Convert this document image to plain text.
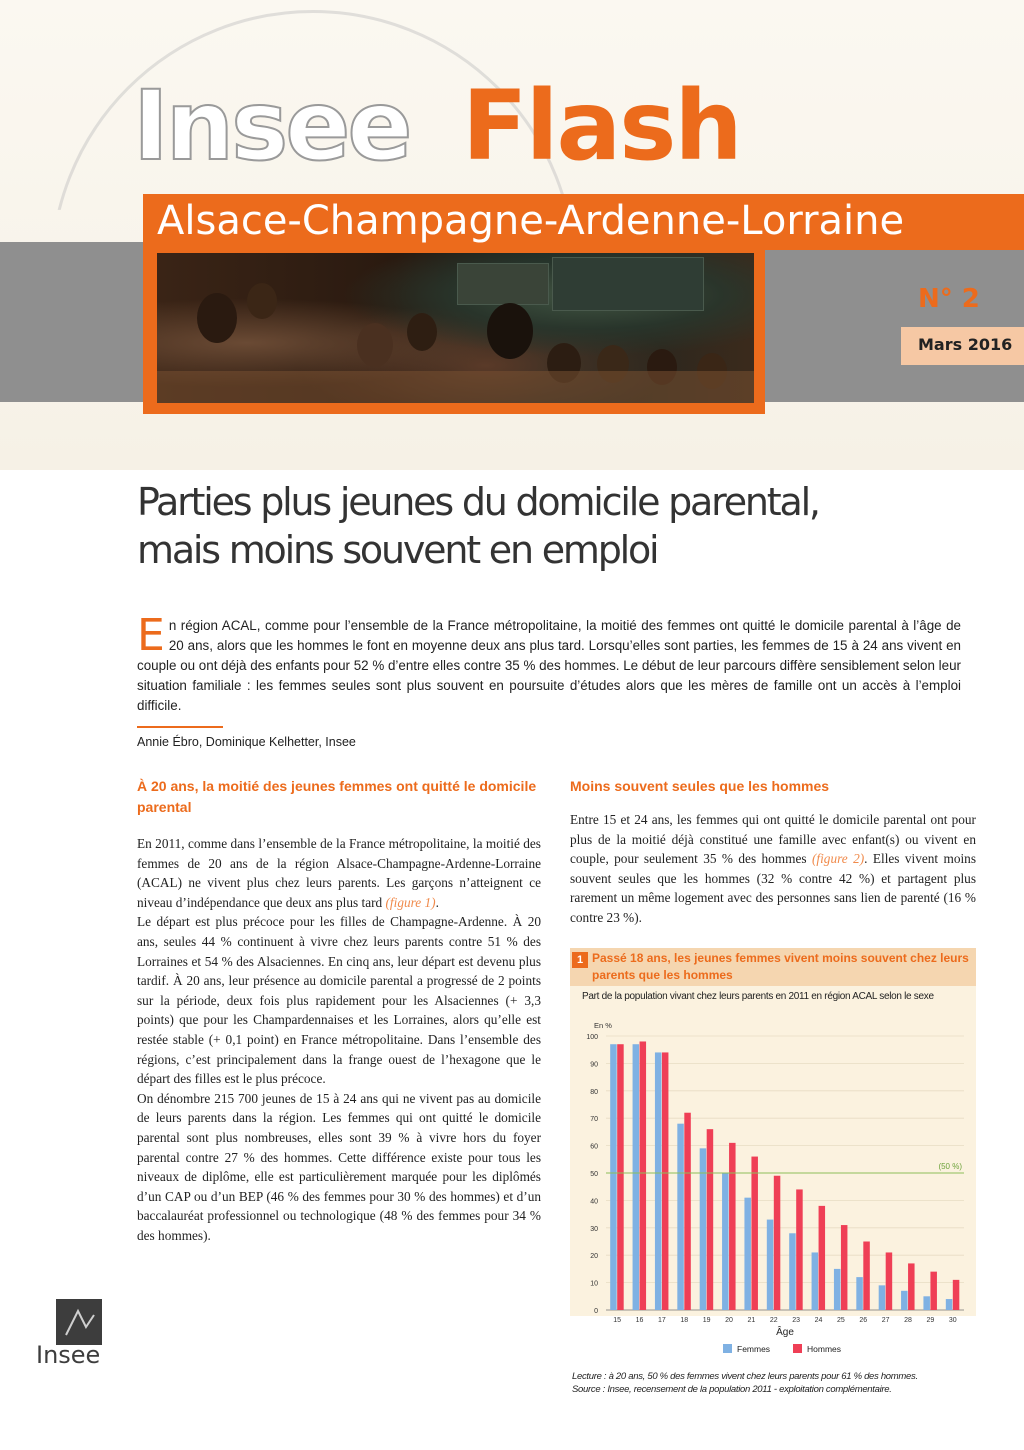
Insee Flash
Alsace-Champagne-Ardenne-Lorraine
N° 2
Mars 2016
Parties plus jeunes du domicile parental,
mais moins souvent en emploi
En région ACAL, comme pour l’ensemble de la France métropolitaine, la moitié des femmes ont quitté le domicile parental à l’âge de 20 ans, alors que les hommes le font en moyenne deux ans plus tard. Lorsqu’elles sont parties, les femmes de 15 à 24 ans vivent en couple ou ont déjà des enfants pour 52 % d’entre elles contre 35 % des hommes. Le début de leur parcours diffère sensiblement selon leur situation familiale : les femmes seules sont plus souvent en poursuite d’études alors que les mères de famille ont un accès à l’emploi difficile.
Annie Ébro, Dominique Kelhetter, Insee
À 20 ans, la moitié des jeunes femmes ont quitté le domicile parental

En 2011, comme dans l’ensemble de la France métropolitaine, la moitié des femmes de 20 ans de la région Alsace-Champagne-Ardenne-Lorraine (ACAL) ne vivent plus chez leurs parents. Les garçons n’atteignent ce niveau d’indépendance que deux ans plus tard (figure 1).

Le départ est plus précoce pour les filles de Champagne-Ardenne. À 20 ans, seules 44 % continuent à vivre chez leurs parents contre 51 % des Lorraines et 54 % des Alsaciennes. En cinq ans, leur départ est devenu plus tardif. À 20 ans, leur présence au domicile parental a progressé de 2 points sur la période, deux fois plus rapidement pour les Alsaciennes (+ 3,3 points) que pour les Champardennaises et les Lorraines, alors qu’elle est restée stable (+ 0,1 point) en France métropolitaine. Dans l’ensemble des régions, c’est principalement dans la frange ouest de l’hexagone que le départ des filles est le plus précoce.

On dénombre 215 700 jeunes de 15 à 24 ans qui ne vivent pas au domicile de leurs parents dans la région. Les femmes qui ont quitté le domicile parental sont plus nombreuses, elles sont 39 % à vivre hors du foyer parental contre 27 % des hommes. Cette différence existe pour tous les niveaux de diplôme, elle est particulièrement marquée pour les diplômés d’un CAP ou d’un BEP (46 % des femmes pour 30 % des hommes) et d’un baccalauréat professionnel ou technologique (48 % des femmes pour 34 % des hommes).

Moins souvent seules que les hommes

Entre 15 et 24 ans, les femmes qui ont quitté le domicile parental ont pour plus de la moitié déjà constitué une famille avec enfant(s) ou vivent en couple, pour seulement 35 % des hommes (figure 2). Elles vivent moins souvent seules que les hommes (32 % contre 42 %) et partagent plus rarement un même logement avec des personnes sans lien de parenté (16 % contre 23 %).

1 Passé 18 ans, les jeunes femmes vivent moins souvent chez leurs parents que les hommes
Part de la population vivant chez leurs parents en 2011 en région ACAL selon le sexe
0
10
20
30
40
50
60
70
80
90
100
En %
15 16 17 18 19 20 21 22 23 24 25 26 27 28 29 30
(50 %)
Âge
Femmes	Hommes
Lecture : à 20 ans, 50 % des femmes vivent chez leurs parents pour 61 % des hommes.
Source : Insee, recensement de la population 2011 - exploitation complémentaire.
Insee
